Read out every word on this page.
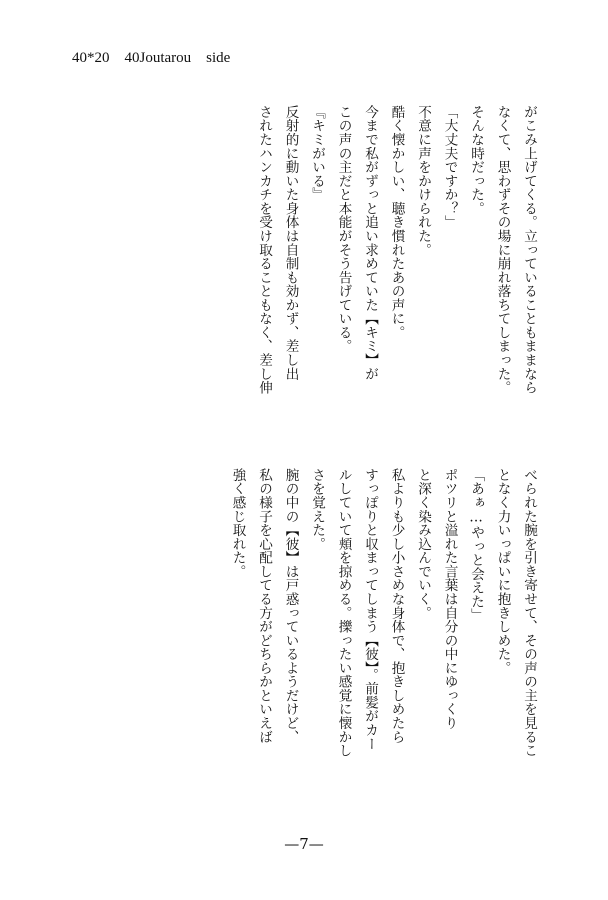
40*20　40Joutarou　side
がこみ上げてくる。立っていることもままなら
なくて、思わずその場に崩れ落ちてしまった。
そんな時だった。
「大丈夫ですか？」
不意に声をかけられた。
酷く懐かしい、聴き慣れたあの声に。
今まで私がずっと追い求めていた【キミ】が
この声の主だと本能がそう告げている。
『キミがいる』
反射的に動いた身体は自制も効かず、差し出
されたハンカチを受け取ることもなく、差し伸
べられた腕を引き寄せて、その声の主を見るこ
となく力いっぱいに抱きしめた。
「あぁ…やっと会えた」
ポツリと溢れた言葉は自分の中にゆっくり
と深く染み込んでいく。
私よりも少し小さめな身体で、抱きしめたら
すっぽりと収まってしまう【彼】。前髪がカー
ルしていて頬を掠める。擽ったい感覚に懐かし
さを覚えた。
腕の中の【彼】は戸惑っているようだけど、
私の様子を心配してる方がどちらかといえば
強く感じ取れた。
—7—
